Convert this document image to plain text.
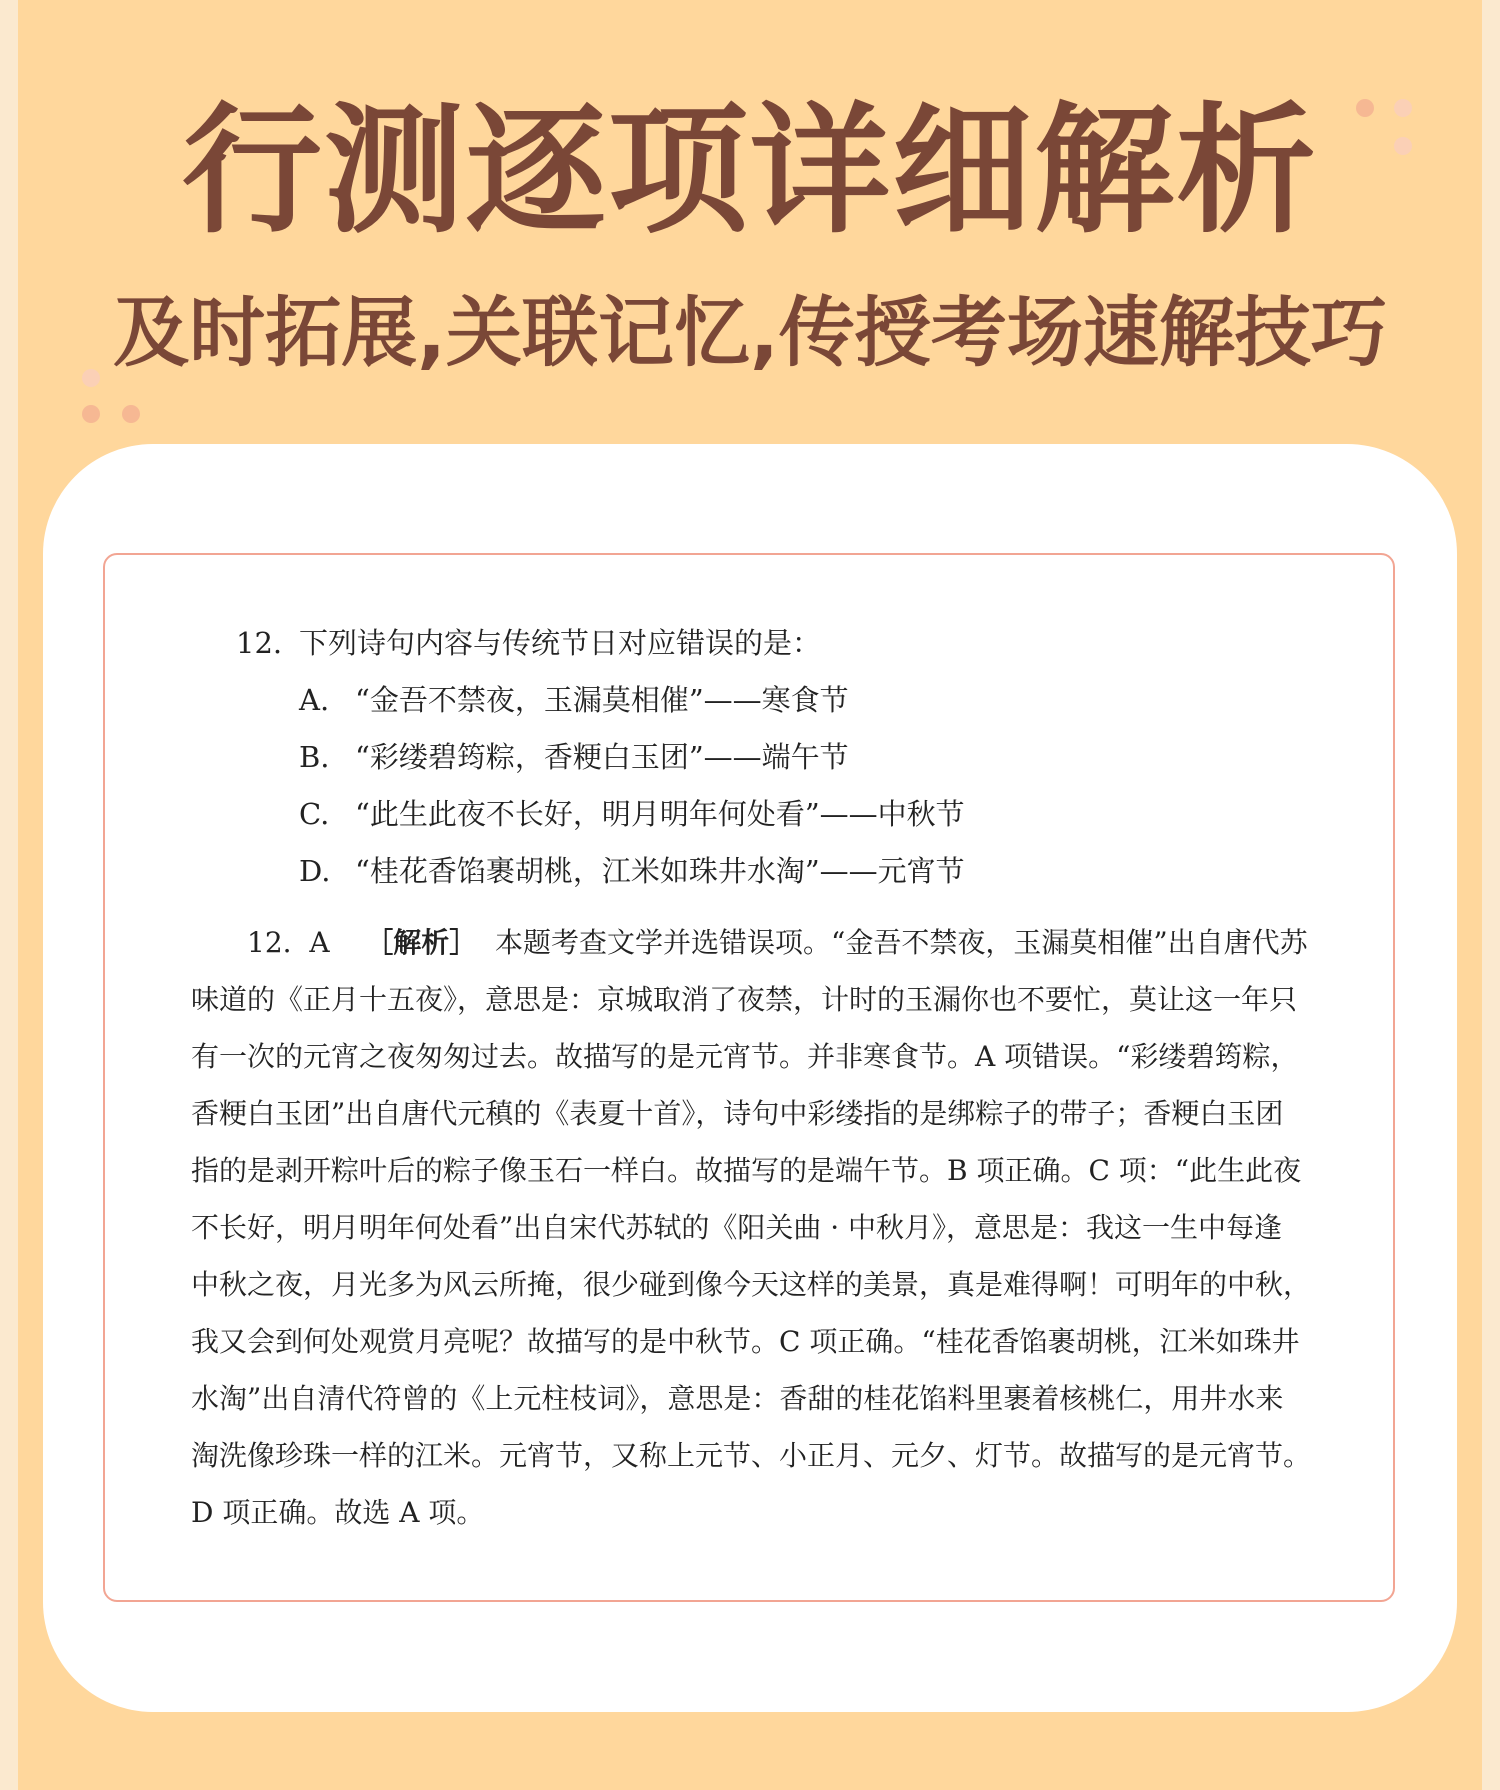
行测逐项详细解析
及时拓展,关联记忆,传授考场速解技巧
12. 下列诗句内容与传统节日对应错误的是：
A. “金吾不禁夜，玉漏莫相催”——寒食节
B. “彩缕碧筠粽，香粳白玉团”——端午节
C. “此生此夜不长好，明月明年何处看”——中秋节
D. “桂花香馅裹胡桃，江米如珠井水淘”——元宵节
12. A ［解析］ 本题考查文学并选错误项。“金吾不禁夜，玉漏莫相催”出自唐代苏
味道的《正月十五夜》，意思是：京城取消了夜禁，计时的玉漏你也不要忙，莫让这一年只
有一次的元宵之夜匆匆过去。故描写的是元宵节。并非寒食节。A 项错误。“彩缕碧筠粽，
香粳白玉团”出自唐代元稹的《表夏十首》，诗句中彩缕指的是绑粽子的带子；香粳白玉团
指的是剥开粽叶后的粽子像玉石一样白。故描写的是端午节。B 项正确。C 项：“此生此夜
不长好，明月明年何处看”出自宋代苏轼的《阳关曲 · 中秋月》，意思是：我这一生中每逢
中秋之夜，月光多为风云所掩，很少碰到像今天这样的美景，真是难得啊！可明年的中秋，
我又会到何处观赏月亮呢？故描写的是中秋节。C 项正确。“桂花香馅裹胡桃，江米如珠井
水淘”出自清代符曾的《上元柱枝词》，意思是：香甜的桂花馅料里裹着核桃仁，用井水来
淘洗像珍珠一样的江米。元宵节，又称上元节、小正月、元夕、灯节。故描写的是元宵节。
D 项正确。故选 A 项。
